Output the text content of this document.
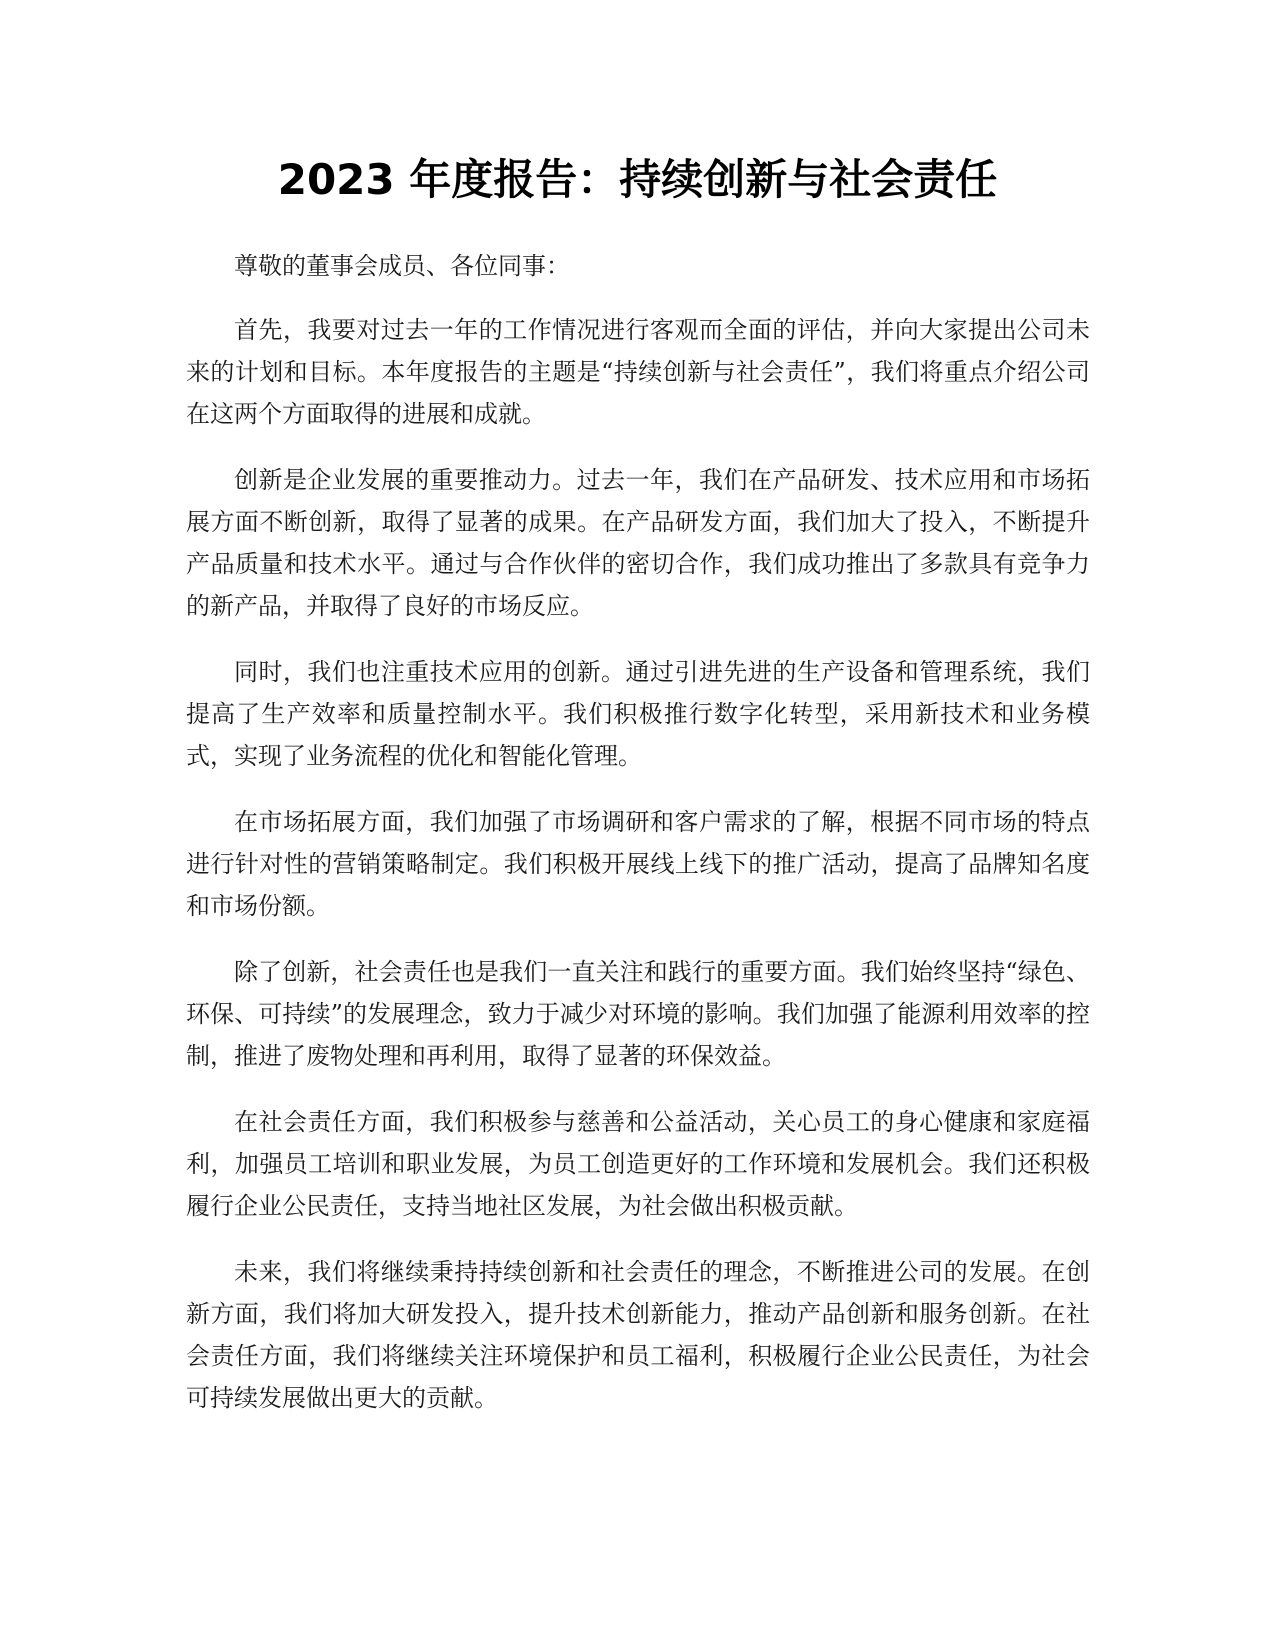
2023 年度报告：持续创新与社会责任

尊敬的董事会成员、各位同事：

首先，我要对过去一年的工作情况进行客观而全面的评估，并向大家提出公司未来的计划和目标。本年度报告的主题是“持续创新与社会责任”，我们将重点介绍公司在这两个方面取得的进展和成就。

创新是企业发展的重要推动力。过去一年，我们在产品研发、技术应用和市场拓展方面不断创新，取得了显著的成果。在产品研发方面，我们加大了投入，不断提升产品质量和技术水平。通过与合作伙伴的密切合作，我们成功推出了多款具有竞争力的新产品，并取得了良好的市场反应。

同时，我们也注重技术应用的创新。通过引进先进的生产设备和管理系统，我们提高了生产效率和质量控制水平。我们积极推行数字化转型，采用新技术和业务模式，实现了业务流程的优化和智能化管理。

在市场拓展方面，我们加强了市场调研和客户需求的了解，根据不同市场的特点进行针对性的营销策略制定。我们积极开展线上线下的推广活动，提高了品牌知名度和市场份额。

除了创新，社会责任也是我们一直关注和践行的重要方面。我们始终坚持“绿色、环保、可持续”的发展理念，致力于减少对环境的影响。我们加强了能源利用效率的控制，推进了废物处理和再利用，取得了显著的环保效益。

在社会责任方面，我们积极参与慈善和公益活动，关心员工的身心健康和家庭福利，加强员工培训和职业发展，为员工创造更好的工作环境和发展机会。我们还积极履行企业公民责任，支持当地社区发展，为社会做出积极贡献。

未来，我们将继续秉持持续创新和社会责任的理念，不断推进公司的发展。在创新方面，我们将加大研发投入，提升技术创新能力，推动产品创新和服务创新。在社会责任方面，我们将继续关注环境保护和员工福利，积极履行企业公民责任，为社会可持续发展做出更大的贡献。
